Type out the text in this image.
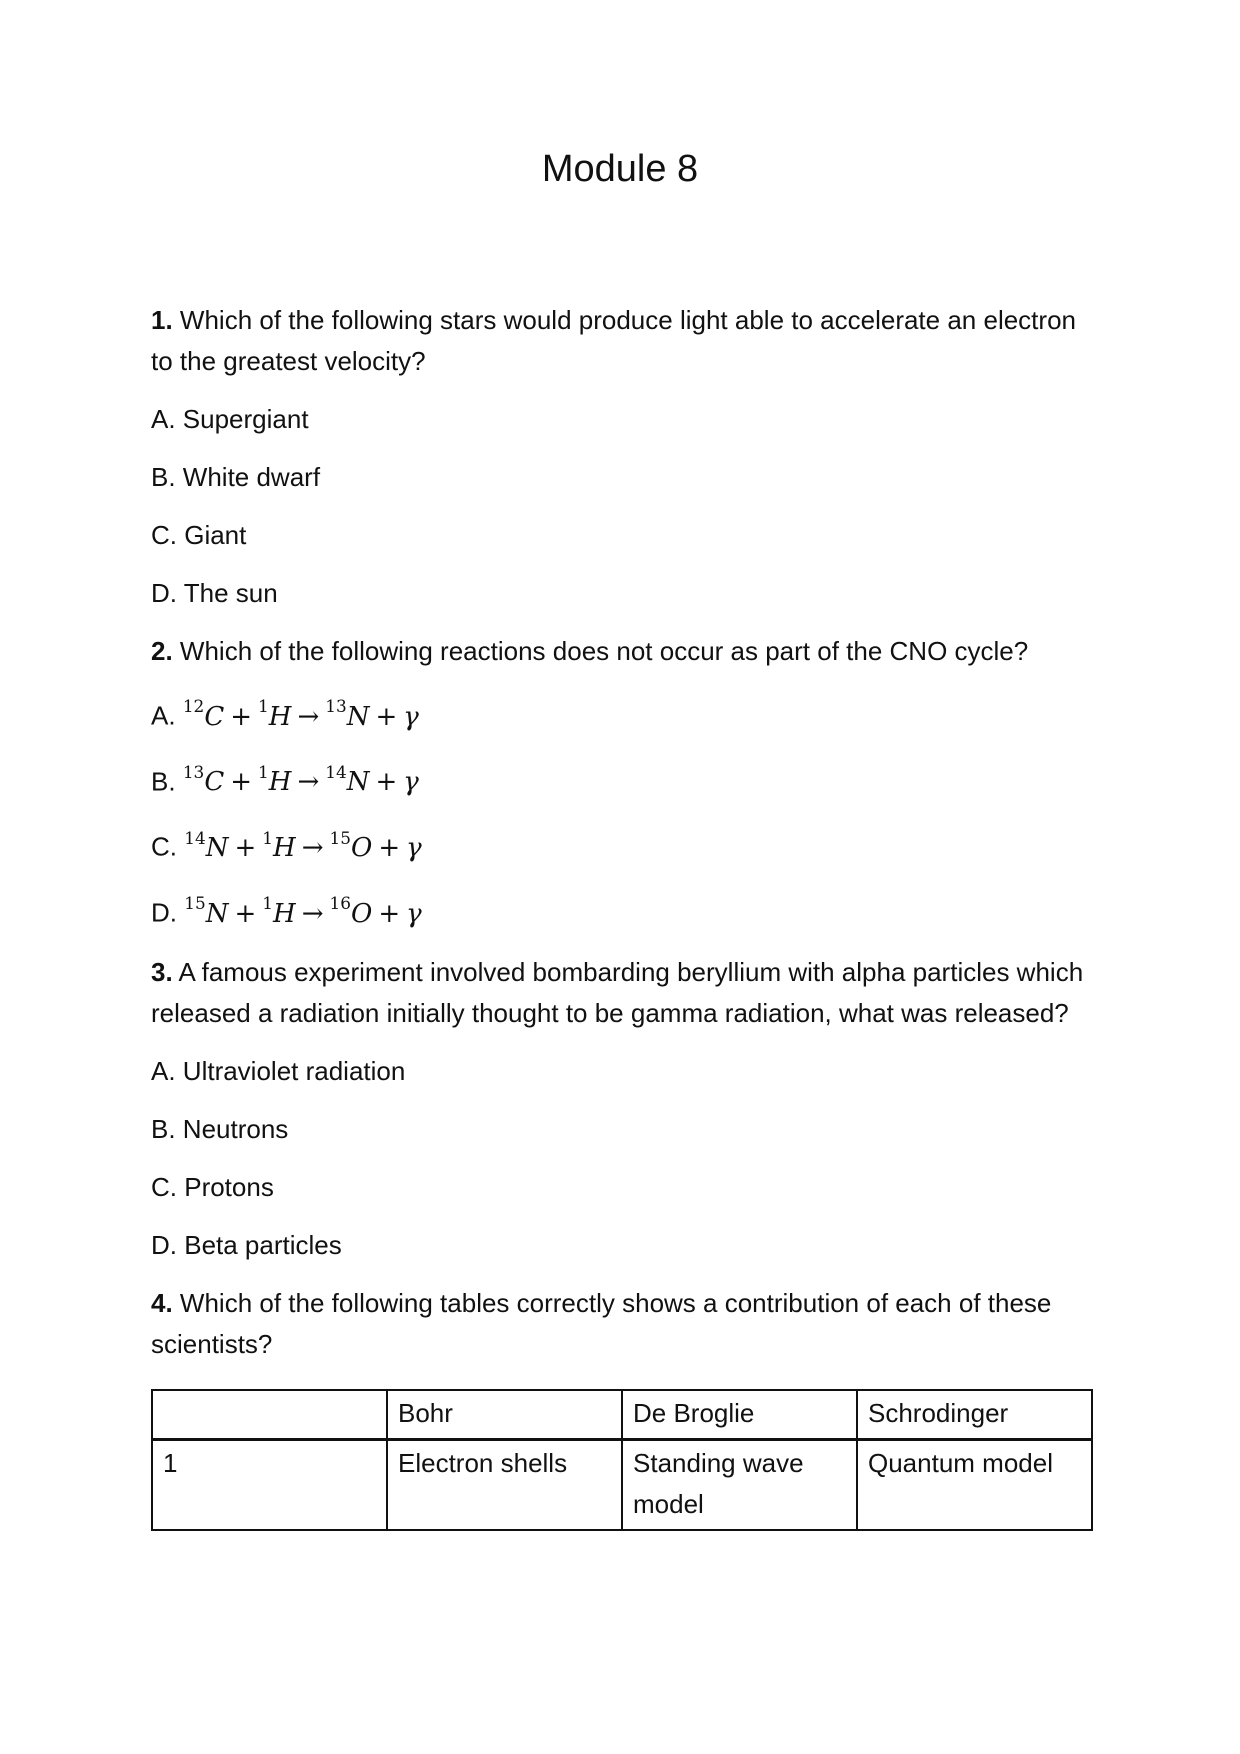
Module 8

1. Which of the following stars would produce light able to accelerate an electron to the greatest velocity?

A. Supergiant

B. White dwarf

C. Giant

D. The sun

2. Which of the following reactions does not occur as part of the CNO cycle?

A. $^{12}$C + $^1$H → $^{13}$N + γ

B. $^{13}$C + $^1$H → $^{14}$N + γ

C. $^{14}$N + $^1$H → $^{15}$O + γ

D. $^{15}$N + $^1$H → $^{16}$O + γ

3. A famous experiment involved bombarding beryllium with alpha particles which released a radiation initially thought to be gamma radiation, what was released?

A. Ultraviolet radiation

B. Neutrons

C. Protons

D. Beta particles

4. Which of the following tables correctly shows a contribution of each of these scientists?

	Bohr	De Broglie	Schrodinger
1	Electron shells	Standing wave model	Quantum model
